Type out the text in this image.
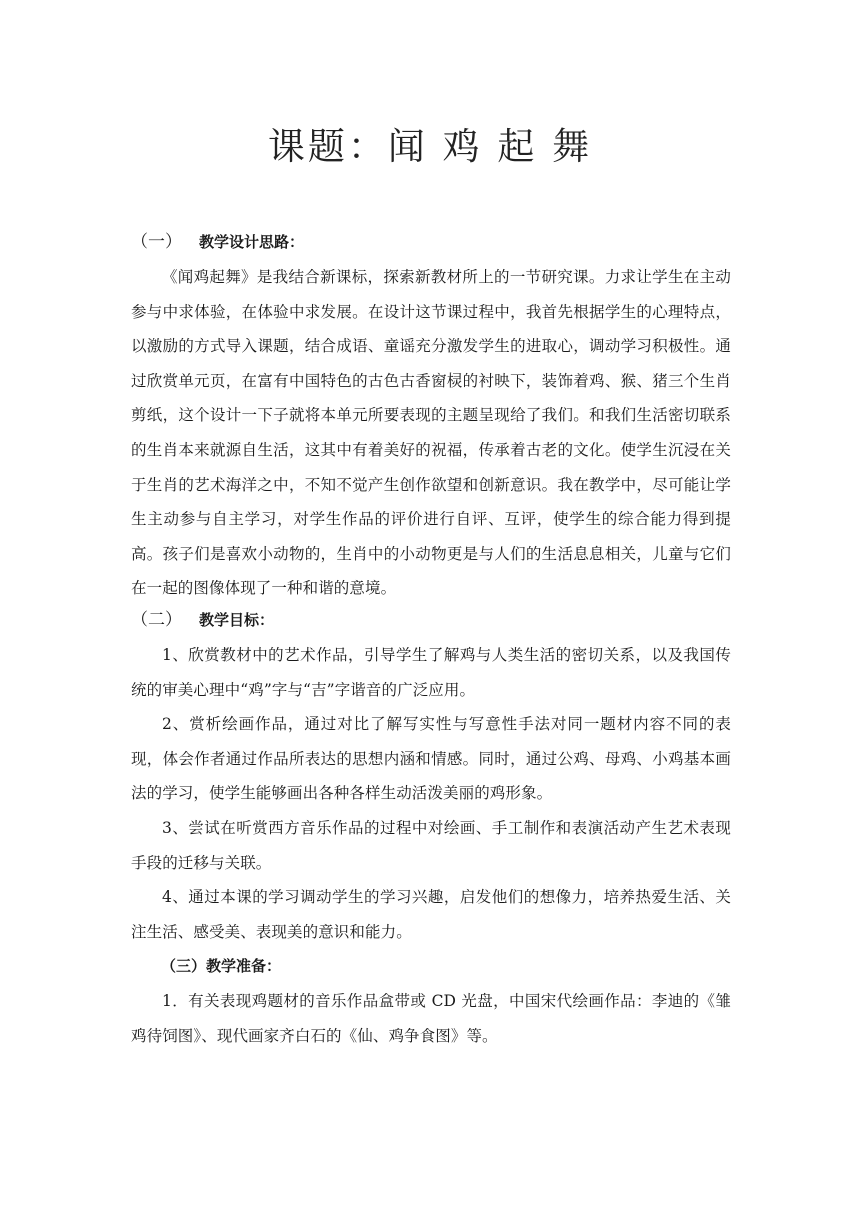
课题：闻 鸡 起 舞
（一） 教学设计思路：

《闻鸡起舞》是我结合新课标，探索新教材所上的一节研究课。力求让学生在主动参与中求体验，在体验中求发展。在设计这节课过程中，我首先根据学生的心理特点，以激励的方式导入课题，结合成语、童谣充分激发学生的进取心，调动学习积极性。通过欣赏单元页，在富有中国特色的古色古香窗棂的衬映下，装饰着鸡、猴、猪三个生肖剪纸，这个设计一下子就将本单元所要表现的主题呈现给了我们。和我们生活密切联系的生肖本来就源自生活，这其中有着美好的祝福，传承着古老的文化。使学生沉浸在关于生肖的艺术海洋之中，不知不觉产生创作欲望和创新意识。我在教学中，尽可能让学生主动参与自主学习，对学生作品的评价进行自评、互评，使学生的综合能力得到提高。孩子们是喜欢小动物的，生肖中的小动物更是与人们的生活息息相关，儿童与它们在一起的图像体现了一种和谐的意境。

（二） 教学目标：

1、欣赏教材中的艺术作品，引导学生了解鸡与人类生活的密切关系，以及我国传统的审美心理中“鸡”字与“吉”字谐音的广泛应用。

2、赏析绘画作品，通过对比了解写实性与写意性手法对同一题材内容不同的表现，体会作者通过作品所表达的思想内涵和情感。同时，通过公鸡、母鸡、小鸡基本画法的学习，使学生能够画出各种各样生动活泼美丽的鸡形象。

3、尝试在听赏西方音乐作品的过程中对绘画、手工制作和表演活动产生艺术表现手段的迁移与关联。

4、通过本课的学习调动学生的学习兴趣，启发他们的想像力，培养热爱生活、关注生活、感受美、表现美的意识和能力。

（三）教学准备：

1．有关表现鸡题材的音乐作品盒带或 CD 光盘，中国宋代绘画作品：李迪的《雏鸡待饲图》、现代画家齐白石的《仙、鸡争食图》等。
